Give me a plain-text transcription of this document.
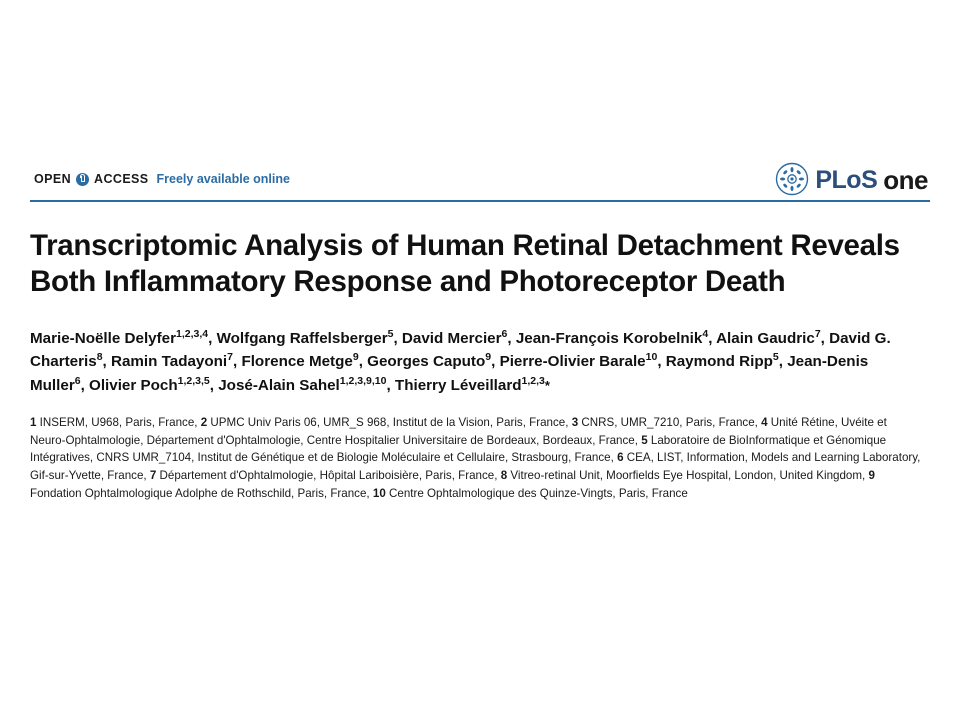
OPEN ACCESS Freely available online	PLoS one
Transcriptomic Analysis of Human Retinal Detachment Reveals Both Inflammatory Response and Photoreceptor Death
Marie-Noëlle Delyfer$^{1,2,3,4}$, Wolfgang Raffelsberger$^5$, David Mercier$^6$, Jean-François Korobelnik$^4$, Alain Gaudric$^7$, David G. Charteris$^8$, Ramin Tadayoni$^7$, Florence Metge$^9$, Georges Caputo$^9$, Pierre-Olivier Barale$^{10}$, Raymond Ripp$^5$, Jean-Denis Muller$^6$, Olivier Poch$^{1,2,3,5}$, José-Alain Sahel$^{1,2,3,9,10}$, Thierry Léveillard$^{1,2,3}$*
1 INSERM, U968, Paris, France, 2 UPMC Univ Paris 06, UMR_S 968, Institut de la Vision, Paris, France, 3 CNRS, UMR_7210, Paris, France, 4 Unité Rétine, Uvéite et Neuro-Ophtalmologie, Département d'Ophtalmologie, Centre Hospitalier Universitaire de Bordeaux, Bordeaux, France, 5 Laboratoire de BioInformatique et Génomique Intégratives, CNRS UMR_7104, Institut de Génétique et de Biologie Moléculaire et Cellulaire, Strasbourg, France, 6 CEA, LIST, Information, Models and Learning Laboratory, Gif-sur-Yvette, France, 7 Département d'Ophtalmologie, Hôpital Lariboisière, Paris, France, 8 Vitreo-retinal Unit, Moorfields Eye Hospital, London, United Kingdom, 9 Fondation Ophtalmologique Adolphe de Rothschild, Paris, France, 10 Centre Ophtalmologique des Quinze-Vingts, Paris, France
